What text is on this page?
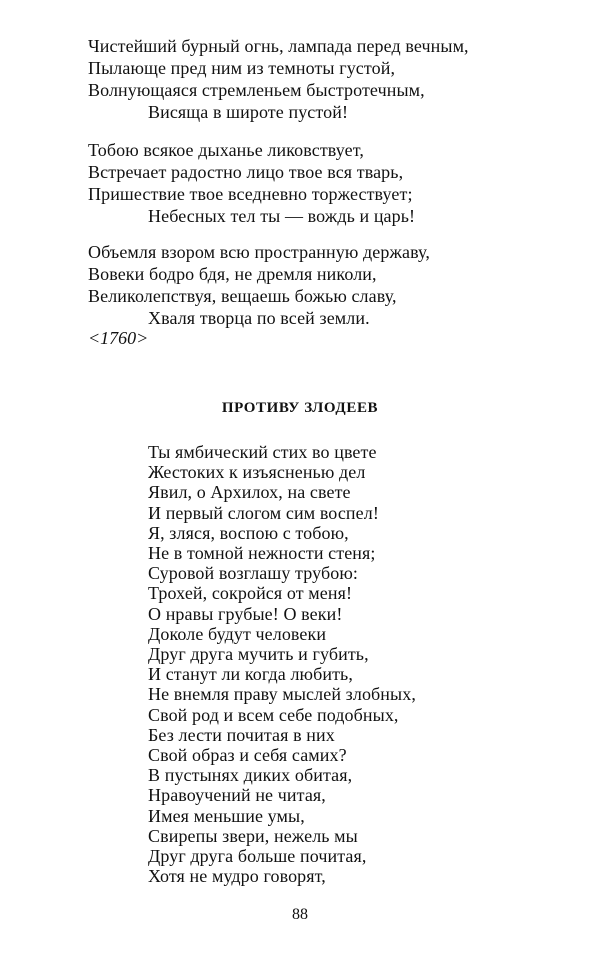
Чистейший бурный огнь, лампада перед вечным,
Пылающе пред ним из темноты густой,
Волнующаяся стремленьем быстротечным,
Висяща в широте пустой!
Тобою всякое дыханье ликовствует,
Встречает радостно лицо твое вся тварь,
Пришествие твое вседневно торжествует;
Небесных тел ты — вождь и царь!
Объемля взором всю пространную державу,
Вовеки бодро бдя, не дремля николи,
Великолепствуя, вещаешь божью славу,
Хваля творца по всей земли.
<1760>
ПРОТИВУ ЗЛОДЕЕВ
Ты ямбический стих во цвете
Жестоких к изъясненью дел
Явил, о Архилох, на свете
И первый слогом сим воспел!
Я, зляся, воспою с тобою,
Не в томной нежности стеня;
Суровой возглашу трубою:
Трохей, сокройся от меня!
О нравы грубые! О веки!
Доколе будут человеки
Друг друга мучить и губить,
И станут ли когда любить,
Не внемля праву мыслей злобных,
Свой род и всем себе подобных,
Без лести почитая в них
Свой образ и себя самих?
В пустынях диких обитая,
Нравоучений не читая,
Имея меньшие умы,
Свирепы звери, нежель мы
Друг друга больше почитая,
Хотя не мудро говорят,
88
